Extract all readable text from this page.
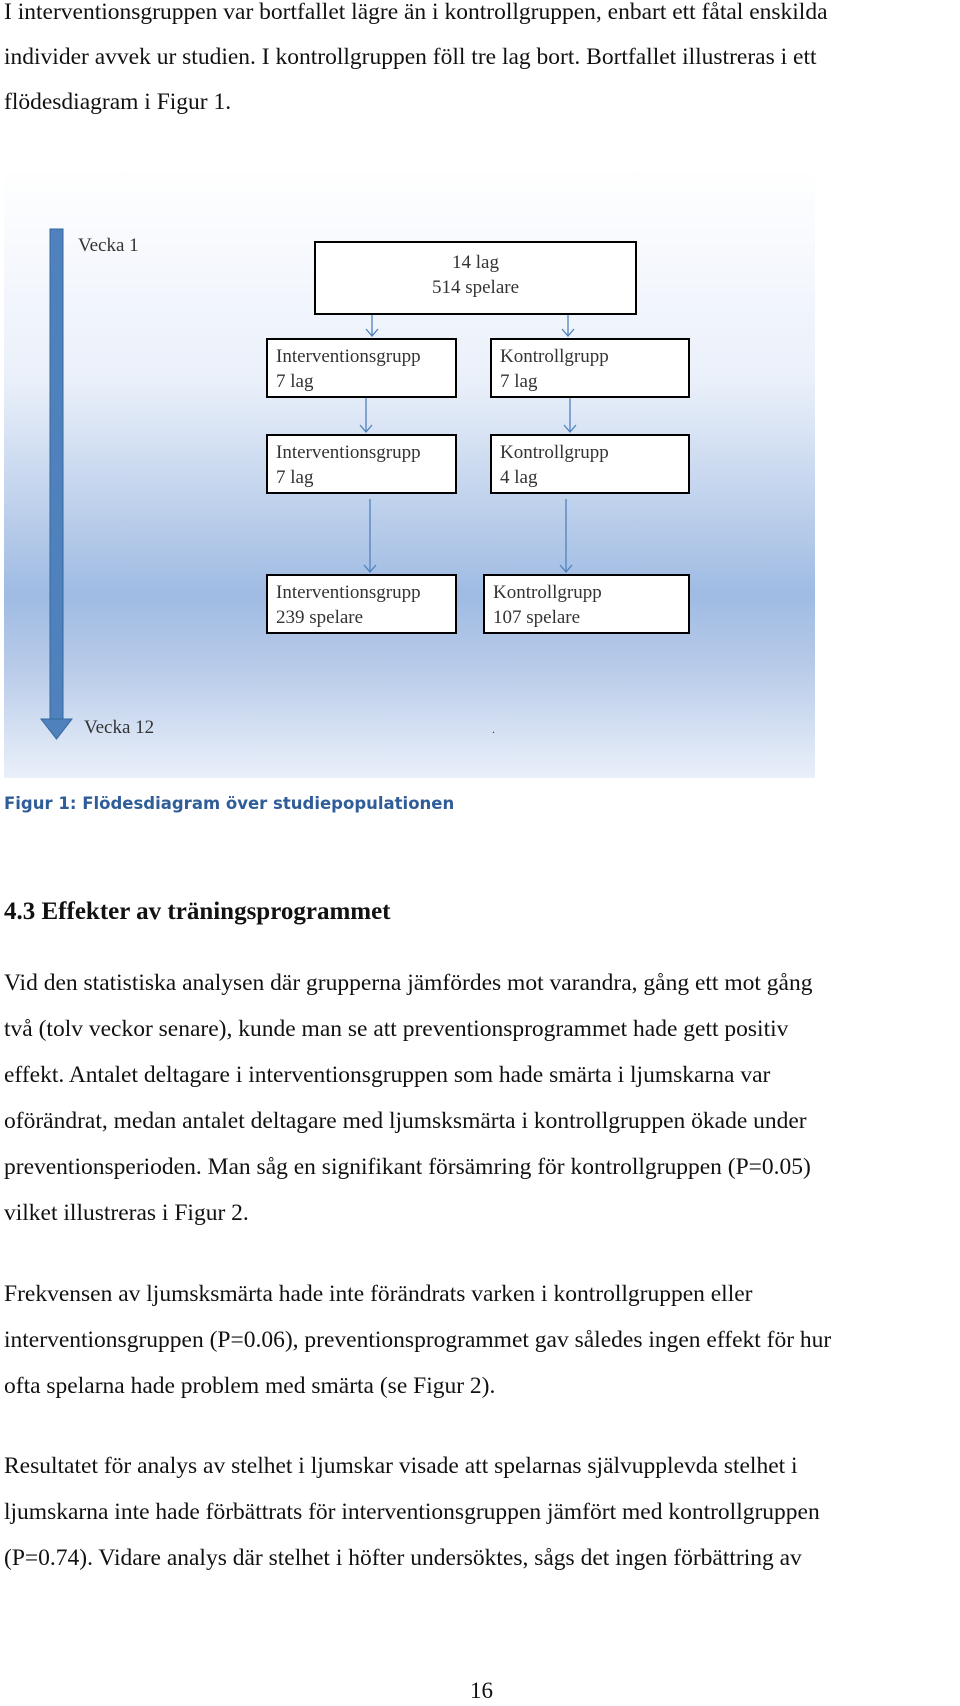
I interventionsgruppen var bortfallet lägre än i kontrollgruppen, enbart ett fåtal enskilda
individer avvek ur studien. I kontrollgruppen föll tre lag bort. Bortfallet illustreras i ett
flödesdiagram i Figur 1.
Vecka 1
Vecka 12	.
14 lag
514 spelare
Interventionsgrupp
7 lag
Kontrollgrupp
7 lag
Interventionsgrupp
7 lag
Kontrollgrupp
4 lag
Interventionsgrupp
239 spelare
Kontrollgrupp
107 spelare
Figur 1: Flödesdiagram över studiepopulationen
4.3 Effekter av träningsprogrammet
Vid den statistiska analysen där grupperna jämfördes mot varandra, gång ett mot gång
två (tolv veckor senare), kunde man se att preventionsprogrammet hade gett positiv
effekt. Antalet deltagare i interventionsgruppen som hade smärta i ljumskarna var
oförändrat, medan antalet deltagare med ljumsksmärta i kontrollgruppen ökade under
preventionsperioden. Man såg en signifikant försämring för kontrollgruppen (P=0.05)
vilket illustreras i Figur 2.
Frekvensen av ljumsksmärta hade inte förändrats varken i kontrollgruppen eller
interventionsgruppen (P=0.06), preventionsprogrammet gav således ingen effekt för hur
ofta spelarna hade problem med smärta (se Figur 2).
Resultatet för analys av stelhet i ljumskar visade att spelarnas självupplevda stelhet i
ljumskarna inte hade förbättrats för interventionsgruppen jämfört med kontrollgruppen
(P=0.74). Vidare analys där stelhet i höfter undersöktes, sågs det ingen förbättring av
16
